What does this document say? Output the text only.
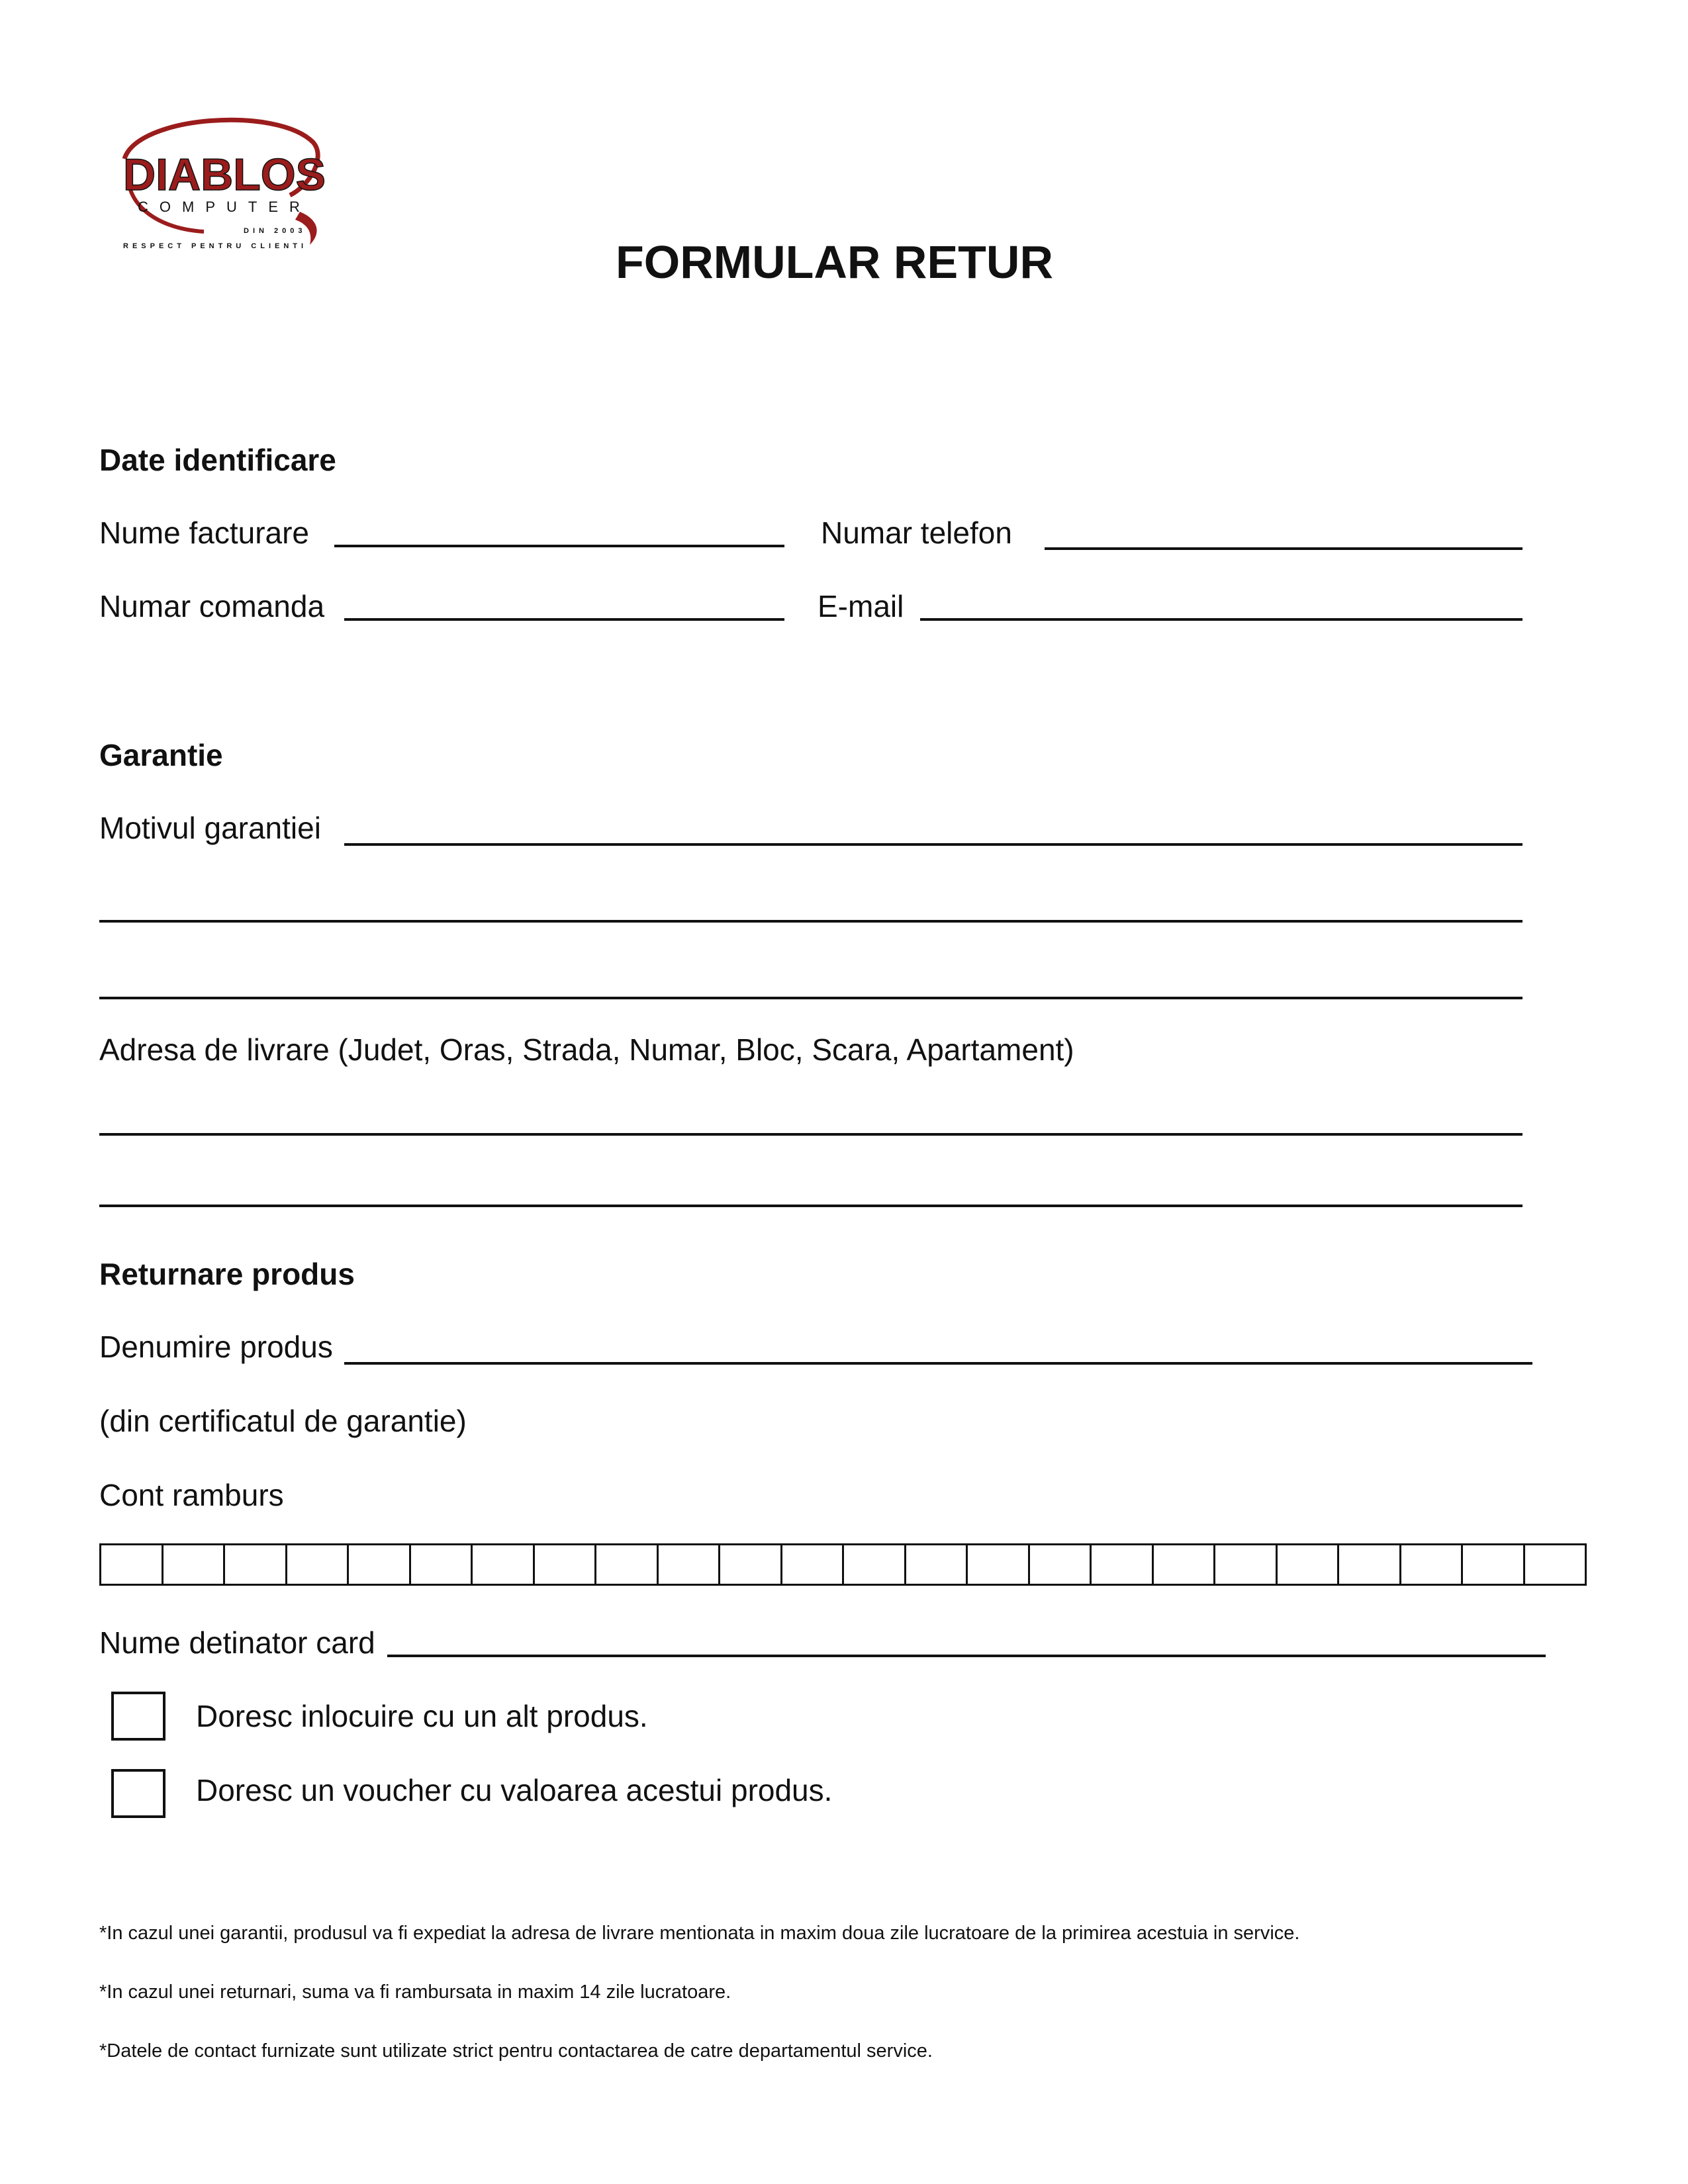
DIABLOS
COMPUTER
DIN 2003
RESPECT PENTRU CLIENTI	FORMULAR RETUR
Date identificare
Nume facturare	Numar telefon
Numar comanda	E-mail
Garantie
Motivul garantiei
Adresa de livrare (Judet, Oras, Strada, Numar, Bloc, Scara, Apartament)
Returnare produs
Denumire produs
(din certificatul de garantie)
Cont ramburs
Nume detinator card
Doresc inlocuire cu un alt produs.
Doresc un voucher cu valoarea acestui produs.
*In cazul unei garantii, produsul va fi expediat la adresa de livrare mentionata in maxim doua zile lucratoare de la primirea acestuia in service.
*In cazul unei returnari, suma va fi rambursata in maxim 14 zile lucratoare.
*Datele de contact furnizate sunt utilizate strict pentru contactarea de catre departamentul service.
